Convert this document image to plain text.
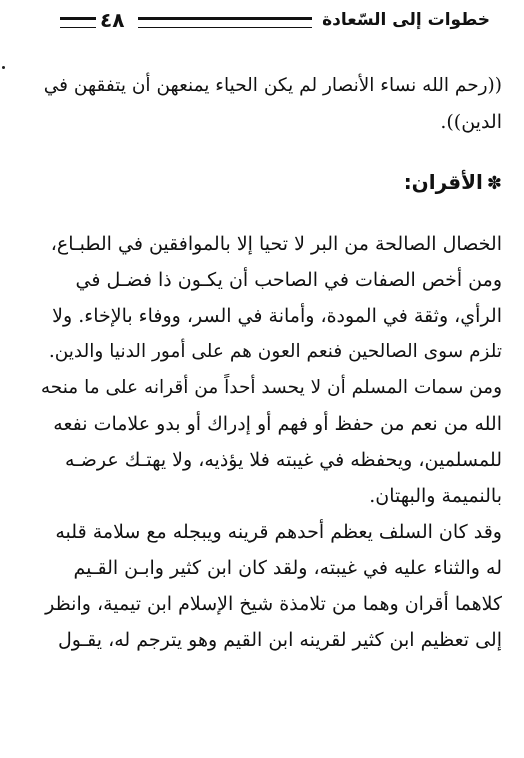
خطوات إلى السّعادة
٤٨
((رحم الله نساء الأنصار لم يكن الحياء يمنعهن أن يتفقهن في
الدين)).
✽الأقران:
الخصال الصالحة من البر لا تحيا إلا بالموافقين في الطبـاع،
ومن أخص الصفات في الصاحب أن يكـون ذا فضـل في
الرأي، وثقة في المودة، وأمانة في السر، ووفاء بالإخاء. ولا
تلزم سوى الصالحين فنعم العون هم على أمور الدنيا والدين.
ومن سمات المسلم أن لا يحسد أحداً من أقرانه على ما منحه
الله من نعم من حفظ أو فهم أو إدراك أو بدو علامات نفعه
للمسلمين، ويحفظه في غيبته فلا يؤذيه، ولا يهتـك عرضـه
بالنميمة والبهتان.
وقد كان السلف يعظم أحدهم قرينه ويبجله مع سلامة قلبه
له والثناء عليه في غيبته، ولقد كان ابن كثير وابـن القـيم
كلاهما أقران وهما من تلامذة شيخ الإسلام ابن تيمية، وانظر
إلى تعظيم ابن كثير لقرينه ابن القيم وهو يترجم له، يقـول
